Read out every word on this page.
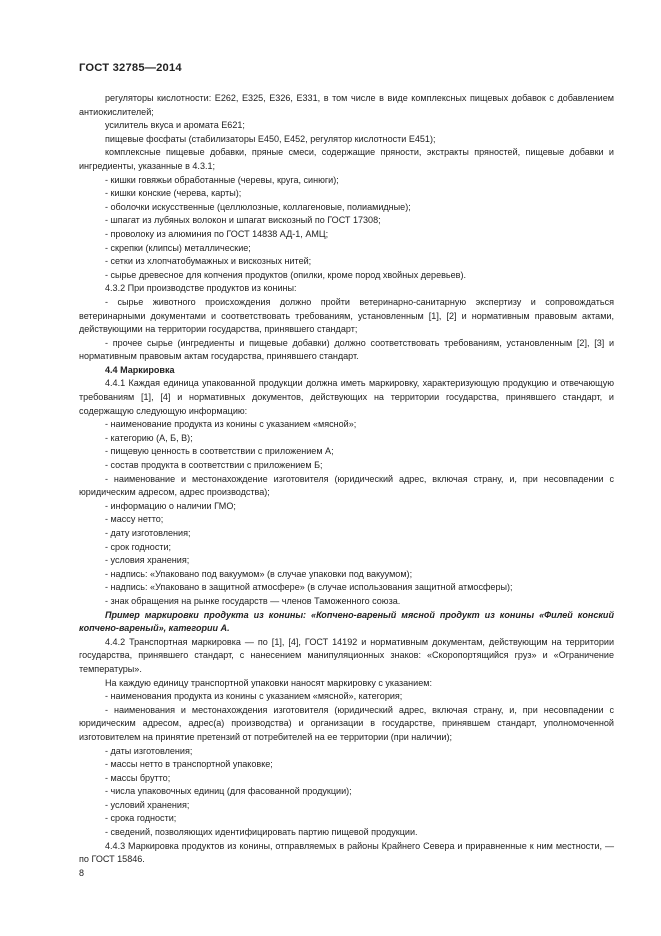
ГОСТ 32785—2014

регуляторы кислотности: Е262, Е325, Е326, Е331, в том числе в виде комплексных пищевых добавок с добавлением антиокислителей;

усилитель вкуса и аромата Е621;

пищевые фосфаты (стабилизаторы Е450, Е452, регулятор кислотности Е451);

комплексные пищевые добавки, пряные смеси, содержащие пряности, экстракты пряностей, пищевые добавки и ингредиенты, указанные в 4.3.1;

- кишки говяжьи обработанные (черевы, круга, синюги);

- кишки конские (черева, карты);

- оболочки искусственные (целлюлозные, коллагеновые, полиамидные);

- шпагат из лубяных волокон и шпагат вискозный по ГОСТ 17308;

- проволоку из алюминия по ГОСТ 14838 АД-1, АМЦ;

- скрепки (клипсы) металлические;

- сетки из хлопчатобумажных и вискозных нитей;

- сырье древесное для копчения продуктов (опилки, кроме пород хвойных деревьев).

4.3.2 При производстве продуктов из конины:

- сырье животного происхождения должно пройти ветеринарно-санитарную экспертизу и сопровождаться ветеринарными документами и соответствовать требованиям, установленным [1], [2] и нормативным правовым актами, действующими на территории государства, принявшего стандарт;

- прочее сырье (ингредиенты и пищевые добавки) должно соответствовать требованиям, установленным [2], [3] и нормативным правовым актам государства, принявшего стандарт.

4.4 Маркировка

4.4.1 Каждая единица упакованной продукции должна иметь маркировку, характеризующую продукцию и отвечающую требованиям [1], [4] и нормативных документов, действующих на территории государства, принявшего стандарт, и содержащую следующую информацию:

- наименование продукта из конины с указанием «мясной»;

- категорию (А, Б, В);

- пищевую ценность в соответствии с приложением А;

- состав продукта в соответствии с приложением Б;

- наименование и местонахождение изготовителя (юридический адрес, включая страну, и, при несовпадении с юридическим адресом, адрес производства);

- информацию о наличии ГМО;

- массу нетто;

- дату изготовления;

- срок годности;

- условия хранения;

- надпись: «Упаковано под вакуумом» (в случае упаковки под вакуумом);

- надпись: «Упаковано в защитной атмосфере» (в случае использования защитной атмосферы);

- знак обращения на рынке государств — членов Таможенного союза.

Пример маркировки продукта из конины: «Копчено-вареный мясной продукт из конины «Филей конский копчено-вареный», категории А.

4.4.2 Транспортная маркировка — по [1], [4], ГОСТ 14192 и нормативным документам, действующим на территории государства, принявшего стандарт, с нанесением манипуляционных знаков: «Скоропортящийся груз» и «Ограничение температуры».

На каждую единицу транспортной упаковки наносят маркировку с указанием:

- наименования продукта из конины с указанием «мясной», категория;

- наименования и местонахождения изготовителя (юридический адрес, включая страну, и, при несовпадении с юридическим адресом, адрес(а) производства) и организации в государстве, принявшем стандарт, уполномоченной изготовителем на принятие претензий от потребителей на ее территории (при наличии);

- даты изготовления;

- массы нетто в транспортной упаковке;

- массы брутто;

- числа упаковочных единиц (для фасованной продукции);

- условий хранения;

- срока годности;

- сведений, позволяющих идентифицировать партию пищевой продукции.

4.4.3 Маркировка продуктов из конины, отправляемых в районы Крайнего Севера и приравненные к ним местности, — по ГОСТ 15846.

8
